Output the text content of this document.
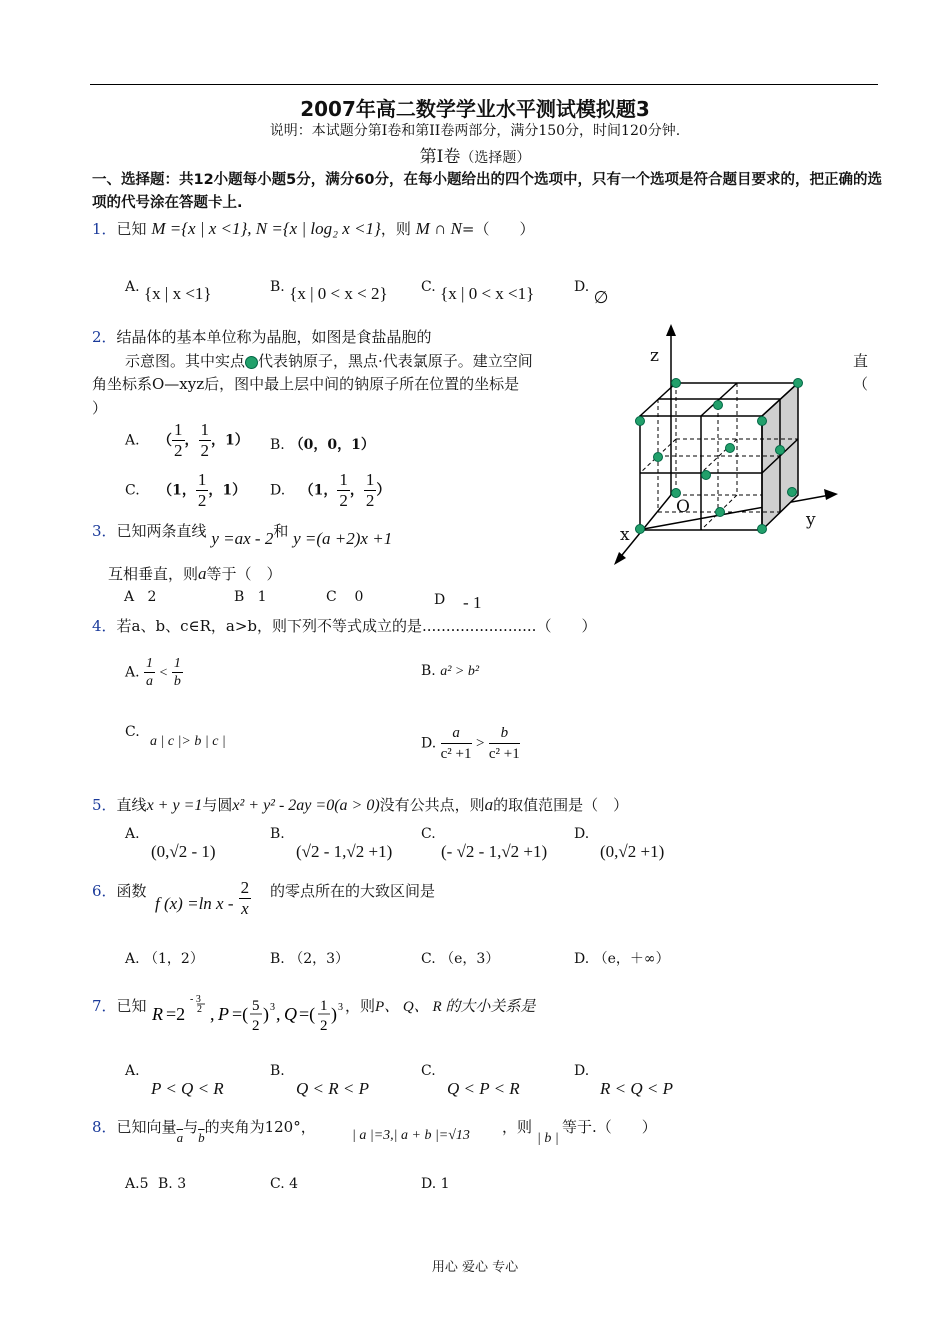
2007年高二数学学业水平测试模拟题3
说明：本试题分第Ⅰ卷和第II卷两部分，满分150分，时间120分钟.
第Ⅰ卷（选择题）
一、选择题：共12小题每小题5分，满分60分，在每小题给出的四个选项中，只有一个选项是符合题目要求的，把正确的选项的代号涂在答题卡上.
1．已知 M ={x | x <1}, N ={x | log₂ x <1}，则 M ∩ N=（　　）
A. {x | x <1}	B. {x | 0 < x < 2} C. {x | 0 < x <1}	D. ∅
2．结晶体的基本单位称为晶胞，如图是食盐晶胞的
示意图。其中实点 代表钠原子，黑点·代表氯原子。建立空间	直
角坐标系O—xyz后，图中最上层中间的钠原子所在位置的坐标是	（
）
A. （ $\frac{1}{2}$ ， $\frac{1}{2}$ ，1） B. （0，0，1）
C. （1， $\frac{1}{2}$ ，1） D. （1， $\frac{1}{2}$ ， $\frac{1}{2}$ ）
z
O
x
y
3．已知两条直线 y =ax - 2和 y =(a +2)x +1
互相垂直，则a等于（　）
A 2	B 1	C 0	D - 1
4．若a、b、c∈R，a>b，则下列不等式成立的是........................（　　）
A. $\frac{1}{a} < \frac{1}{b}$	B. a² > b²
C.
a | c |> b | c |	D. $\frac{a}{\text{c² +1}} > \frac{b}{\text{c² +1}}$
5．直线x + y =1与圆x² + y² - 2ay =0(a > 0)没有公共点，则a的取值范围是（　）
A.
(0,√2 - 1)
B.
(√2 - 1,√2 +1)
C.
(- √2 - 1,√2 +1)
D.
(0,√2 +1)
6．函数
f (x) =ln x - $\frac{2}{x}$ 的零点所在的大致区间是
A. （1，2）	B. （2，3）	C. （e，3）	D. （e，＋∞）
7．已知 R =2
- 3
2 , P =( 5
2
) 3 , Q =( 1
2
) 3 ，则P、 Q、 R 的大小关系是
A.
P < Q < R
B.
Q < R < P
C.
Q < P < R
D.
R < Q < P
8．已知向量$\overline{a}$与$\overline{b}$的夹角为120°，	| a |=3,| a + b |=√13 ，则
| b |
等于.（　　）
A.5 B. 3	C. 4	D. 1
用心 爱心 专心
